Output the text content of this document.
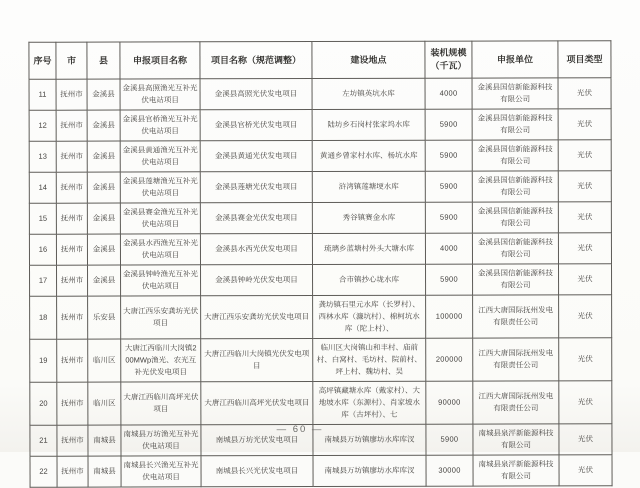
序号	市	县	申报项目名称	项目名称（规范调整）	建设地点	装机规模（千瓦）	申报单位	项目类型
11	抚州市	金溪县	金溪县高照渔光互补光伏电站项目	金溪县高照光伏发电项目	左坊镇英坑水库	4000	金溪县国信新能源科技有限公司	光伏
12	抚州市	金溪县	金溪县官桥渔光互补光伏电站项目	金溪县官桥光伏发电项目	陆坊乡石岗村张家坞水库	5900	金溪县国信新能源科技有限公司	光伏
13	抚州市	金溪县	金溪县黄通渔光互补光伏电站项目	金溪县黄通光伏发电项目	黄通乡曾家村水库、杨坑水库	5900	金溪县国信新能源科技有限公司	光伏
14	抚州市	金溪县	金溪县莲塘渔光互补光伏电站项目	金溪县莲塘光伏发电项目	浒湾镇莲塘埂水库	5900	金溪县国信新能源科技有限公司	光伏
15	抚州市	金溪县	金溪县赛金渔光互补光伏电站项目	金溪县赛金光伏发电项目	秀谷镇赛金水库	5900	金溪县国信新能源科技有限公司	光伏
16	抚州市	金溪县	金溪县水西渔光互补光伏电站项目	金溪县水西光伏发电项目	琉璃乡蓝塘村外头大塘水库	4000	金溪县国信新能源科技有限公司	光伏
17	抚州市	金溪县	金溪县钟岭渔光互补光伏电站项目	金溪县钟岭光伏发电项目	合市镇抄心垅水库	5900	金溪县国信新能源科技有限公司	光伏
18	抚州市	乐安县	大唐江西乐安龚坊光伏项目	大唐江西乐安龚坊光伏发电项目	龚坊镇石里元水库（长罗村）、西林水库（濂坑村）、棉柯坑水库（陀上村）、	100000	江西大唐国际抚州发电有限责任公司	光伏
19	抚州市	临川区	大唐江西临川大岗镇200MWp渔光、农光互补光伏发电项目	大唐江西临川大岗镇光伏发电项目	临川区大岗镇山和丰村、庙前村、白窝村、毛坊村、院前村、坪上村、魏坊村、吴	200000	江西大唐国际抚州发电有限责任公司	光伏
20	抚州市	临川区	大唐江西临川高坪光伏项目	大唐江西临川高坪光伏发电项目	高坪镇藏塘水库（戴家村）、大地坡水库（东源村）、肖家坡水库（古坪村）、七	90000	江西大唐国际抚州发电有限责任公司	光伏
21	抚州市	南城县	南城县万坊渔光互补光伏电站项目	南城县万坊光伏发电项目	南城县万坊镇廖坊水库库汊	5900	南城县泉泙新能源科技有限公司	光伏
22	抚州市	南城县	南城县长兴渔光互补光伏电站项目	南城县长兴光伏发电项目	南城县万坊镇廖坊水库库汊	30000	南城县泉泙新能源科技有限公司	光伏
— 60 —
